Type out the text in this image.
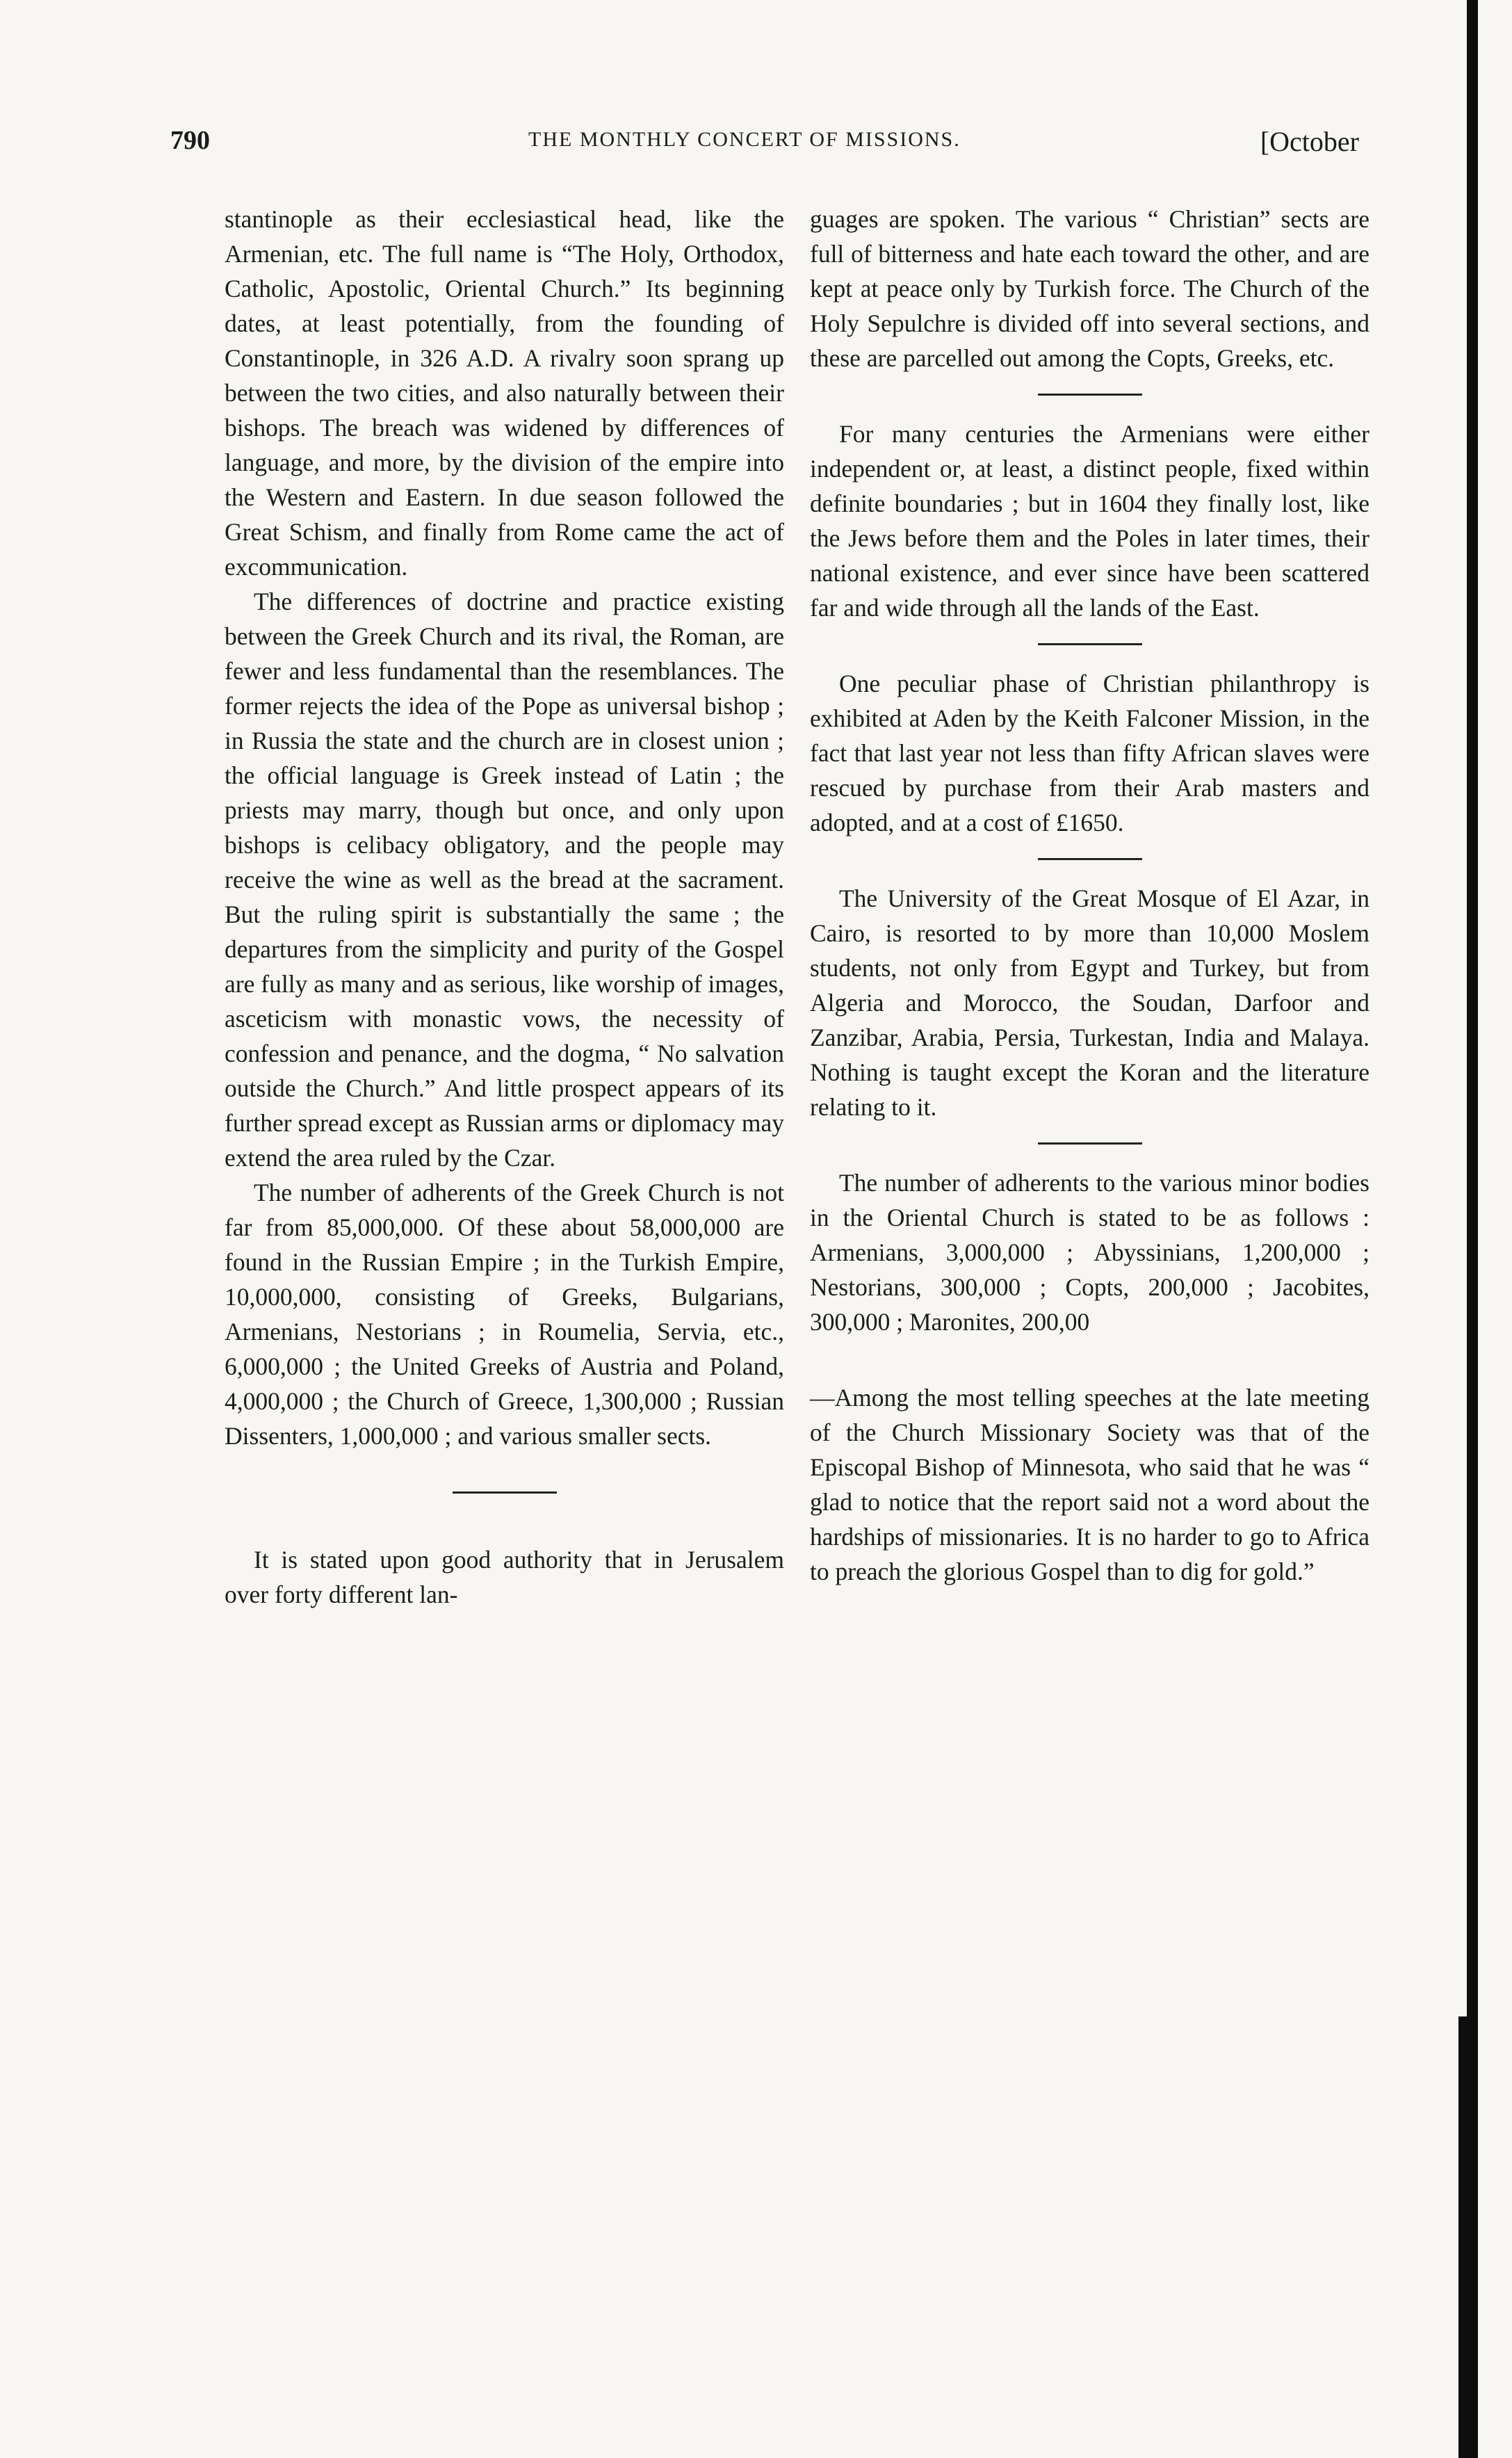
790	THE MONTHLY CONCERT OF MISSIONS.	[October

stantinople as their ecclesiastical head, like the Armenian, etc. The full name is “The Holy, Orthodox, Catholic, Apostolic, Oriental Church.” Its beginning dates, at least potentially, from the founding of Constantinople, in 326 A.D. A rivalry soon sprang up between the two cities, and also naturally between their bishops. The breach was widened by differences of language, and more, by the division of the empire into the Western and Eastern. In due season followed the Great Schism, and finally from Rome came the act of excommunication.

The differences of doctrine and practice existing between the Greek Church and its rival, the Roman, are fewer and less fundamental than the resemblances. The former rejects the idea of the Pope as universal bishop ; in Russia the state and the church are in closest union ; the official language is Greek instead of Latin ; the priests may marry, though but once, and only upon bishops is celibacy obligatory, and the people may receive the wine as well as the bread at the sacrament. But the ruling spirit is substantially the same ; the departures from the simplicity and purity of the Gospel are fully as many and as serious, like worship of images, asceticism with monastic vows, the necessity of confession and penance, and the dogma, “ No salvation outside the Church.” And little prospect appears of its further spread except as Russian arms or diplomacy may extend the area ruled by the Czar.

The number of adherents of the Greek Church is not far from 85,000,000. Of these about 58,000,000 are found in the Russian Empire ; in the Turkish Empire, 10,000,000, consisting of Greeks, Bulgarians, Armenians, Nestorians ; in Roumelia, Servia, etc., 6,000,000 ; the United Greeks of Austria and Poland, 4,000,000 ; the Church of Greece, 1,300,000 ; Russian Dissenters, 1,000,000 ; and various smaller sects.

It is stated upon good authority that in Jerusalem over forty different lan-

guages are spoken. The various “ Christian” sects are full of bitterness and hate each toward the other, and are kept at peace only by Turkish force. The Church of the Holy Sepulchre is divided off into several sections, and these are parcelled out among the Copts, Greeks, etc.

For many centuries the Armenians were either independent or, at least, a distinct people, fixed within definite boundaries ; but in 1604 they finally lost, like the Jews before them and the Poles in later times, their national existence, and ever since have been scattered far and wide through all the lands of the East.

One peculiar phase of Christian philanthropy is exhibited at Aden by the Keith Falconer Mission, in the fact that last year not less than fifty African slaves were rescued by purchase from their Arab masters and adopted, and at a cost of £1650.

The University of the Great Mosque of El Azar, in Cairo, is resorted to by more than 10,000 Moslem students, not only from Egypt and Turkey, but from Algeria and Morocco, the Soudan, Darfoor and Zanzibar, Arabia, Persia, Turkestan, India and Malaya. Nothing is taught except the Koran and the literature relating to it.

The number of adherents to the various minor bodies in the Oriental Church is stated to be as follows : Armenians, 3,000,000 ; Abyssinians, 1,200,000 ; Nestorians, 300,000 ; Copts, 200,000 ; Jacobites, 300,000 ; Maronites, 200,00

—Among the most telling speeches at the late meeting of the Church Missionary Society was that of the Episcopal Bishop of Minnesota, who said that he was “ glad to notice that the report said not a word about the hardships of missionaries. It is no harder to go to Africa to preach the glorious Gospel than to dig for gold.”
